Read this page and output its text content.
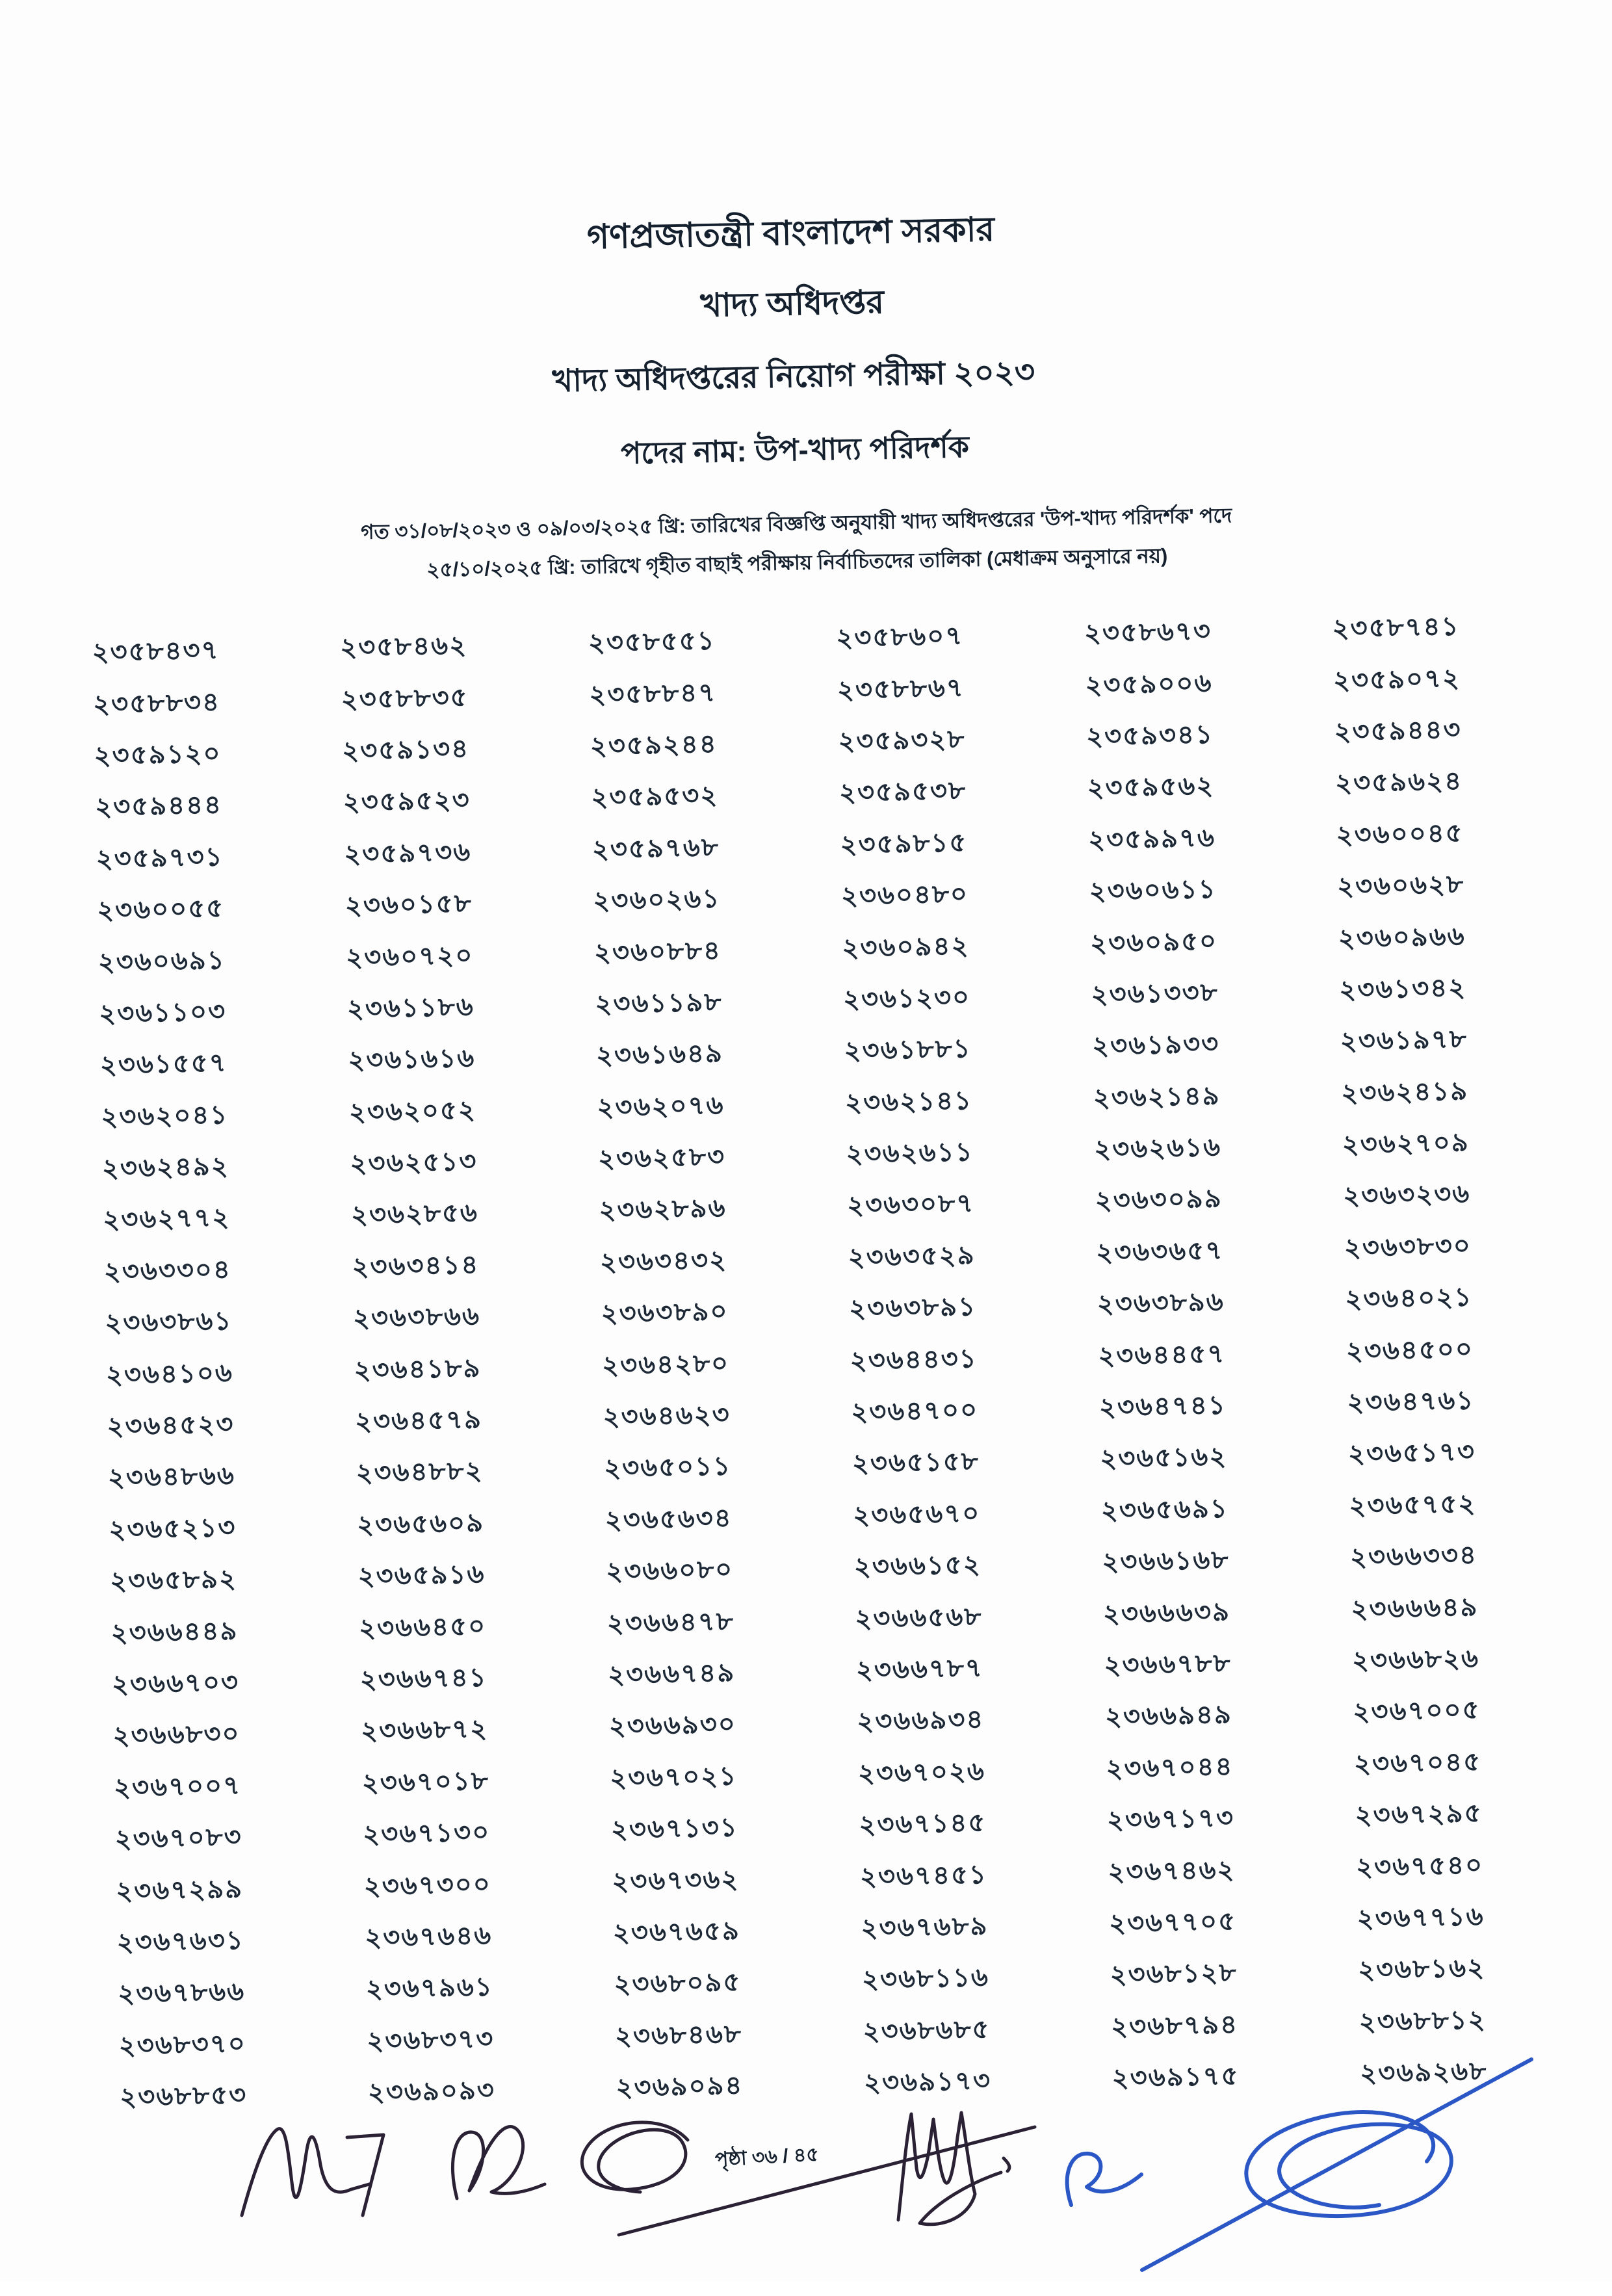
গণপ্রজাতন্ত্রী বাংলাদেশ সরকার
খাদ্য অধিদপ্তর
খাদ্য অধিদপ্তরের নিয়োগ পরীক্ষা ২০২৩
পদের নাম: উপ-খাদ্য পরিদর্শক
গত ৩১/০৮/২০২৩ ও ০৯/০৩/২০২৫ খ্রি: তারিখের বিজ্ঞপ্তি অনুযায়ী খাদ্য অধিদপ্তরের 'উপ-খাদ্য পরিদর্শক' পদে
২৫/১০/২০২৫ খ্রি: তারিখে গৃহীত বাছাই পরীক্ষায় নির্বাচিতদের তালিকা (মেধাক্রম অনুসারে নয়)
২৩৫৮৪৩৭	২৩৫৮৪৬২	২৩৫৮৫৫১	২৩৫৮৬০৭	২৩৫৮৬৭৩	২৩৫৮৭৪১
২৩৫৮৮৩৪	২৩৫৮৮৩৫	২৩৫৮৮৪৭	২৩৫৮৮৬৭	২৩৫৯০০৬	২৩৫৯০৭২
২৩৫৯১২০	২৩৫৯১৩৪	২৩৫৯২৪৪	২৩৫৯৩২৮	২৩৫৯৩৪১	২৩৫৯৪৪৩
২৩৫৯৪৪৪	২৩৫৯৫২৩	২৩৫৯৫৩২	২৩৫৯৫৩৮	২৩৫৯৫৬২	২৩৫৯৬২৪
২৩৫৯৭৩১	২৩৫৯৭৩৬	২৩৫৯৭৬৮	২৩৫৯৮১৫	২৩৫৯৯৭৬	২৩৬০০৪৫
২৩৬০০৫৫	২৩৬০১৫৮	২৩৬০২৬১	২৩৬০৪৮০	২৩৬০৬১১	২৩৬০৬২৮
২৩৬০৬৯১	২৩৬০৭২০	২৩৬০৮৮৪	২৩৬০৯৪২	২৩৬০৯৫০	২৩৬০৯৬৬
২৩৬১১০৩	২৩৬১১৮৬	২৩৬১১৯৮	২৩৬১২৩০	২৩৬১৩৩৮	২৩৬১৩৪২
২৩৬১৫৫৭	২৩৬১৬১৬	২৩৬১৬৪৯	২৩৬১৮৮১	২৩৬১৯৩৩	২৩৬১৯৭৮
২৩৬২০৪১	২৩৬২০৫২	২৩৬২০৭৬	২৩৬২১৪১	২৩৬২১৪৯	২৩৬২৪১৯
২৩৬২৪৯২	২৩৬২৫১৩	২৩৬২৫৮৩	২৩৬২৬১১	২৩৬২৬১৬	২৩৬২৭০৯
২৩৬২৭৭২	২৩৬২৮৫৬	২৩৬২৮৯৬	২৩৬৩০৮৭	২৩৬৩০৯৯	২৩৬৩২৩৬
২৩৬৩৩০৪	২৩৬৩৪১৪	২৩৬৩৪৩২	২৩৬৩৫২৯	২৩৬৩৬৫৭	২৩৬৩৮৩০
২৩৬৩৮৬১	২৩৬৩৮৬৬	২৩৬৩৮৯০	২৩৬৩৮৯১	২৩৬৩৮৯৬	২৩৬৪০২১
২৩৬৪১০৬	২৩৬৪১৮৯	২৩৬৪২৮০	২৩৬৪৪৩১	২৩৬৪৪৫৭	২৩৬৪৫০০
২৩৬৪৫২৩	২৩৬৪৫৭৯	২৩৬৪৬২৩	২৩৬৪৭০০	২৩৬৪৭৪১	২৩৬৪৭৬১
২৩৬৪৮৬৬	২৩৬৪৮৮২	২৩৬৫০১১	২৩৬৫১৫৮	২৩৬৫১৬২	২৩৬৫১৭৩
২৩৬৫২১৩	২৩৬৫৬০৯	২৩৬৫৬৩৪	২৩৬৫৬৭০	২৩৬৫৬৯১	২৩৬৫৭৫২
২৩৬৫৮৯২	২৩৬৫৯১৬	২৩৬৬০৮০	২৩৬৬১৫২	২৩৬৬১৬৮	২৩৬৬৩৩৪
২৩৬৬৪৪৯	২৩৬৬৪৫০	২৩৬৬৪৭৮	২৩৬৬৫৬৮	২৩৬৬৬৩৯	২৩৬৬৬৪৯
২৩৬৬৭০৩	২৩৬৬৭৪১	২৩৬৬৭৪৯	২৩৬৬৭৮৭	২৩৬৬৭৮৮	২৩৬৬৮২৬
২৩৬৬৮৩০	২৩৬৬৮৭২	২৩৬৬৯৩০	২৩৬৬৯৩৪	২৩৬৬৯৪৯	২৩৬৭০০৫
২৩৬৭০০৭	২৩৬৭০১৮	২৩৬৭০২১	২৩৬৭০২৬	২৩৬৭০৪৪	২৩৬৭০৪৫
২৩৬৭০৮৩	২৩৬৭১৩০	২৩৬৭১৩১	২৩৬৭১৪৫	২৩৬৭১৭৩	২৩৬৭২৯৫
২৩৬৭২৯৯	২৩৬৭৩০০	২৩৬৭৩৬২	২৩৬৭৪৫১	২৩৬৭৪৬২	২৩৬৭৫৪০
২৩৬৭৬৩১	২৩৬৭৬৪৬	২৩৬৭৬৫৯	২৩৬৭৬৮৯	২৩৬৭৭০৫	২৩৬৭৭১৬
২৩৬৭৮৬৬	২৩৬৭৯৬১	২৩৬৮০৯৫	২৩৬৮১১৬	২৩৬৮১২৮	২৩৬৮১৬২
২৩৬৮৩৭০	২৩৬৮৩৭৩	২৩৬৮৪৬৮	২৩৬৮৬৮৫	২৩৬৮৭৯৪	২৩৬৮৮১২
২৩৬৮৮৫৩	২৩৬৯০৯৩	২৩৬৯০৯৪	২৩৬৯১৭৩	২৩৬৯১৭৫	২৩৬৯২৬৮
পৃষ্ঠা ৩৬ / ৪৫
